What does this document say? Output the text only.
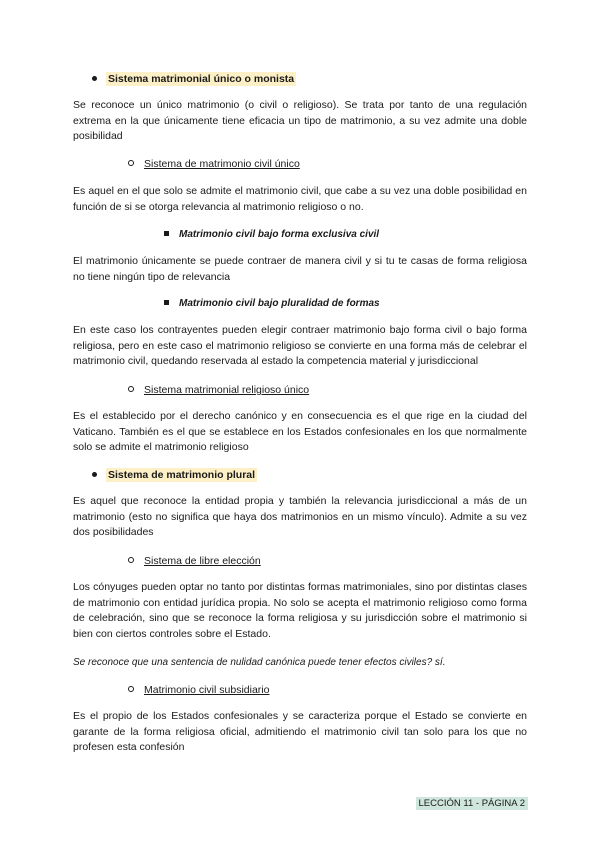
Sistema matrimonial único o monista

Se reconoce un único matrimonio (o civil o religioso). Se trata por tanto de una regulación extrema en la que únicamente tiene eficacia un tipo de matrimonio, a su vez admite una doble posibilidad

Sistema de matrimonio civil único

Es aquel en el que solo se admite el matrimonio civil, que cabe a su vez una doble posibilidad en función de si se otorga relevancia al matrimonio religioso o no.

Matrimonio civil bajo forma exclusiva civil

El matrimonio únicamente se puede contraer de manera civil y si tu te casas de forma religiosa no tiene ningún tipo de relevancia

Matrimonio civil bajo pluralidad de formas

En este caso los contrayentes pueden elegir contraer matrimonio bajo forma civil o bajo forma religiosa, pero en este caso el matrimonio religioso se convierte en una forma más de celebrar el matrimonio civil, quedando reservada al estado la competencia material y jurisdiccional

Sistema matrimonial religioso único

Es el establecido por el derecho canónico y en consecuencia es el que rige en la ciudad del Vaticano. También es el que se establece en los Estados confesionales en los que normalmente solo se admite el matrimonio religioso

Sistema de matrimonio plural

Es aquel que reconoce la entidad propia y también la relevancia jurisdiccional a más de un matrimonio (esto no significa que haya dos matrimonios en un mismo vínculo). Admite a su vez dos posibilidades

Sistema de libre elección

Los cónyuges pueden optar no tanto por distintas formas matrimoniales, sino por distintas clases de matrimonio con entidad jurídica propia. No solo se acepta el matrimonio religioso como forma de celebración, sino que se reconoce la forma religiosa y su jurisdicción sobre el matrimonio si bien con ciertos controles sobre el Estado.

Se reconoce que una sentencia de nulidad canónica puede tener efectos civiles? sí.

Matrimonio civil subsidiario

Es el propio de los Estados confesionales y se caracteriza porque el Estado se convierte en garante de la forma religiosa oficial, admitiendo el matrimonio civil tan solo para los que no profesen esta confesión

LECCIÓN 11 - PÁGINA 2
